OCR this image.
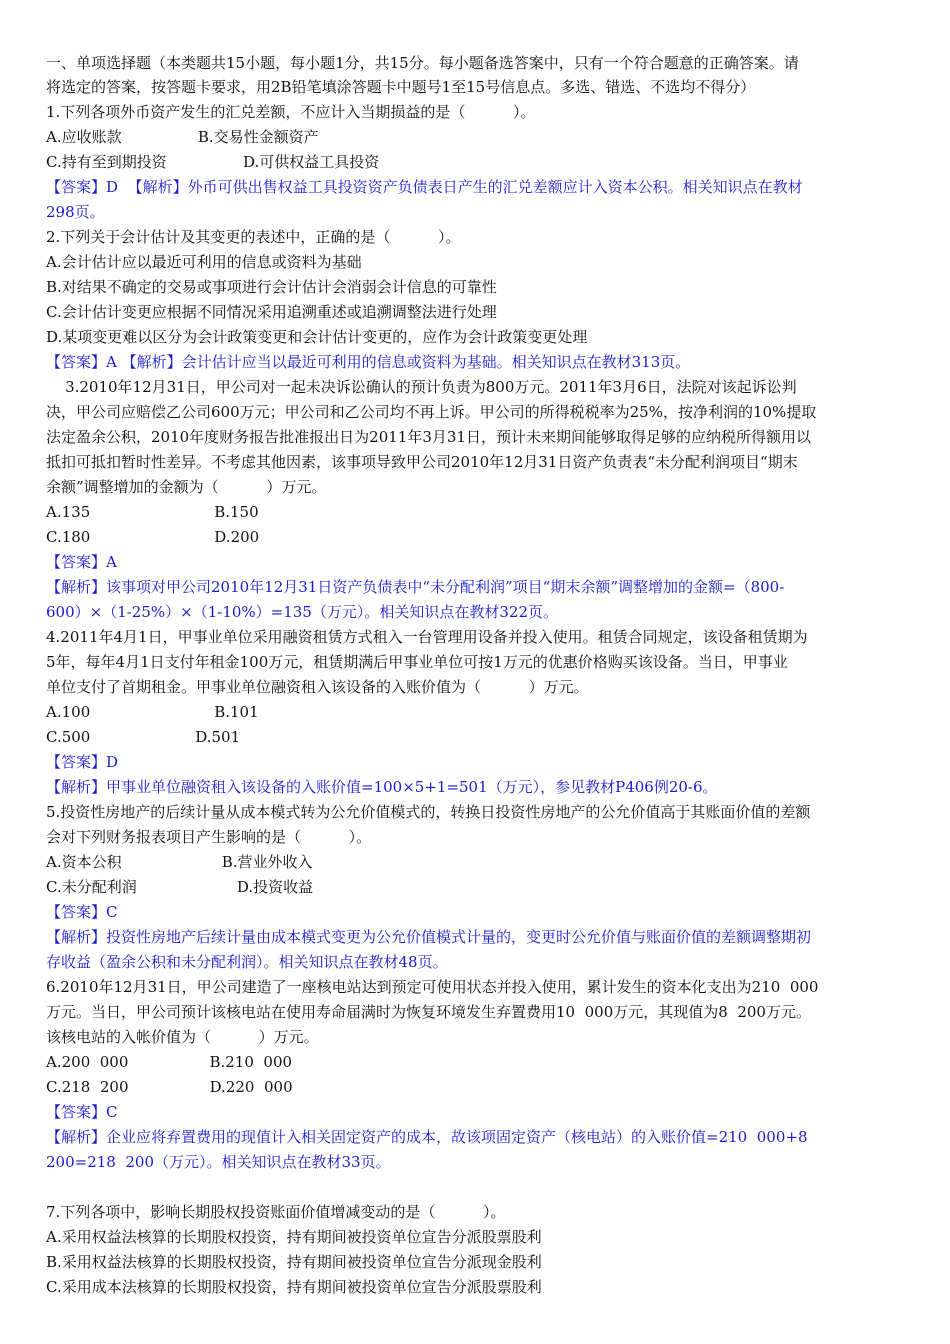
一、单项选择题（本类题共15小题，每小题1分，共15分。每小题备选答案中，只有一个符合题意的正确答案。请
将选定的答案，按答题卡要求，用2B铅笔填涂答题卡中题号1至15号信息点。多选、错选、不选均不得分）
1.下列各项外币资产发生的汇兑差额，不应计入当期损益的是（          ）。
A.应收账款                B.交易性金额资产
C.持有至到期投资                D.可供权益工具投资
【答案】D  【解析】外币可供出售权益工具投资资产负债表日产生的汇兑差额应计入资本公积。相关知识点在教材
298页。
2.下列关于会计估计及其变更的表述中，正确的是（          ）。
A.会计估计应以最近可利用的信息或资料为基础
B.对结果不确定的交易或事项进行会计估计会消弱会计信息的可靠性
C.会计估计变更应根据不同情况采用追溯重述或追溯调整法进行处理
D.某项变更难以区分为会计政策变更和会计估计变更的，应作为会计政策变更处理
【答案】A 【解析】会计估计应当以最近可利用的信息或资料为基础。相关知识点在教材313页。
3.2010年12月31日，甲公司对一起未决诉讼确认的预计负责为800万元。2011年3月6日，法院对该起诉讼判
决，甲公司应赔偿乙公司600万元；甲公司和乙公司均不再上诉。甲公司的所得税税率为25%，按净利润的10%提取
法定盈余公积，2010年度财务报告批准报出日为2011年3月31日，预计未来期间能够取得足够的应纳税所得额用以
抵扣可抵扣暂时性差异。不考虑其他因素，该事项导致甲公司2010年12月31日资产负责表“未分配利润项目“期末
余额”调整增加的金额为（          ）万元。
A.135                          B.150
C.180                          D.200
【答案】A
【解析】该事项对甲公司2010年12月31日资产负债表中“未分配利润”项目“期末余额”调整增加的金额=（800-
600）×（1-25%）×（1-10%）=135（万元）。相关知识点在教材322页。
4.2011年4月1日，甲事业单位采用融资租赁方式租入一台管理用设备并投入使用。租赁合同规定，该设备租赁期为
5年，每年4月1日支付年租金100万元，租赁期满后甲事业单位可按1万元的优惠价格购买该设备。当日，甲事业
单位支付了首期租金。甲事业单位融资租入该设备的入账价值为（          ）万元。
A.100                          B.101
C.500                      D.501
【答案】D
【解析】甲事业单位融资租入该设备的入账价值=100×5+1=501（万元），参见教材P406例20-6。
5.投资性房地产的后续计量从成本模式转为公允价值模式的，转换日投资性房地产的公允价值高于其账面价值的差额
会对下列财务报表项目产生影响的是（          ）。
A.资本公积                     B.营业外收入
C.未分配利润                     D.投资收益
【答案】C
【解析】投资性房地产后续计量由成本模式变更为公允价值模式计量的，变更时公允价值与账面价值的差额调整期初
存收益（盈余公积和未分配利润）。相关知识点在教材48页。
6.2010年12月31日，甲公司建造了一座核电站达到预定可使用状态并投入使用，累计发生的资本化支出为210  000
万元。当日，甲公司预计该核电站在使用寿命届满时为恢复环境发生弃置费用10  000万元，其现值为8  200万元。
该核电站的入帐价值为（          ）万元。
A.200  000                 B.210  000
C.218  200                 D.220  000
【答案】C
【解析】企业应将弃置费用的现值计入相关固定资产的成本，故该项固定资产（核电站）的入账价值=210  000+8
200=218  200（万元）。相关知识点在教材33页。
7.下列各项中，影响长期股权投资账面价值增减变动的是（          ）。
A.采用权益法核算的长期股权投资，持有期间被投资单位宣告分派股票股利
B.采用权益法核算的长期股权投资，持有期间被投资单位宣告分派现金股利
C.采用成本法核算的长期股权投资，持有期间被投资单位宣告分派股票股利
